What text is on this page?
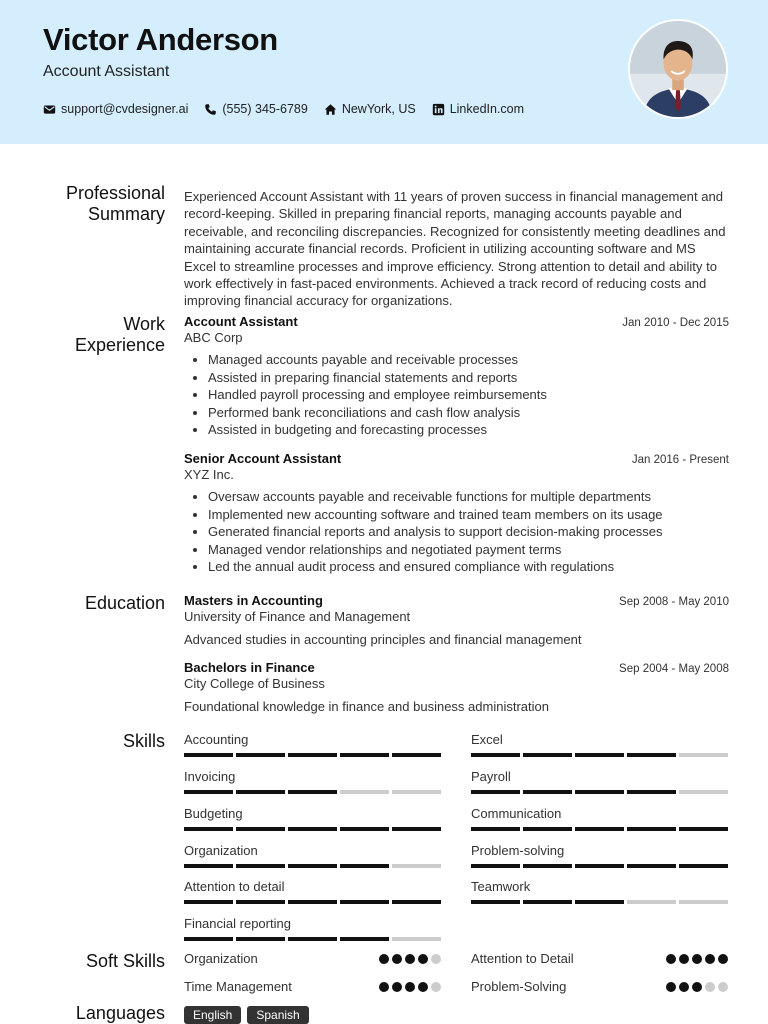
Victor Anderson
Account Assistant
support@cvdesigner.ai	(555) 345-6789	NewYork, US	LinkedIn.com
Professional
Summary
Experienced Account Assistant with 11 years of proven success in financial management and record-keeping. Skilled in preparing financial reports, managing accounts payable and receivable, and reconciling discrepancies. Recognized for consistently meeting deadlines and maintaining accurate financial records. Proficient in utilizing accounting software and MS Excel to streamline processes and improve efficiency. Strong attention to detail and ability to work effectively in fast-paced environments. Achieved a track record of reducing costs and improving financial accuracy for organizations.
Work
Experience
Account Assistant	Jan 2010 - Dec 2015
ABC Corp
• Managed accounts payable and receivable processes
• Assisted in preparing financial statements and reports
• Handled payroll processing and employee reimbursements
• Performed bank reconciliations and cash flow analysis
• Assisted in budgeting and forecasting processes
Senior Account Assistant	Jan 2016 - Present
XYZ Inc.
• Oversaw accounts payable and receivable functions for multiple departments
• Implemented new accounting software and trained team members on its usage
• Generated financial reports and analysis to support decision-making processes
• Managed vendor relationships and negotiated payment terms
• Led the annual audit process and ensured compliance with regulations
Education Masters in Accounting	Sep 2008 - May 2010
University of Finance and Management
Advanced studies in accounting principles and financial management
Bachelors in Finance	Sep 2004 - May 2008
City College of Business
Foundational knowledge in finance and business administration
Skills Accounting	Excel
Invoicing	Payroll
Budgeting	Communication
Organization	Problem-solving
Attention to detail	Teamwork
Financial reporting
Soft Skills Organization	Attention to Detail
Time Management	Problem-Solving
Languages	English	Spanish
